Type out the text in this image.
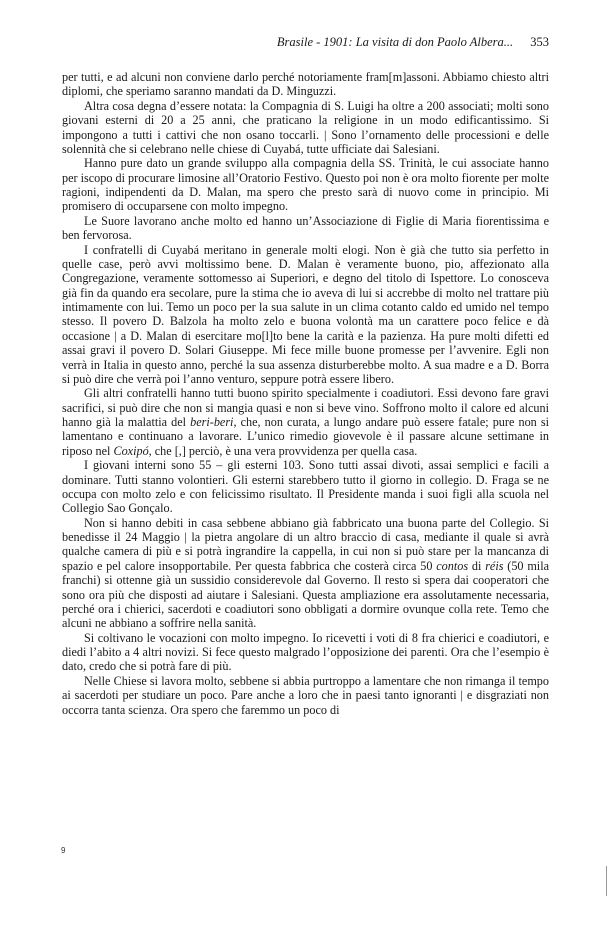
Brasile - 1901: La visita di don Paolo Albera... 353

per tutti, e ad alcuni non conviene darlo perché notoriamente fram[m]assoni. Abbiamo chiesto altri diplomi, che speriamo saranno mandati da D. Minguzzi.

Altra cosa degna d’essere notata: la Compagnia di S. Luigi ha oltre a 200 associati; molti sono giovani esterni di 20 a 25 anni, che praticano la religione in un modo edificantissimo. Si impongono a tutti i cattivi che non osano toccarli. | Sono l’ornamento delle processioni e delle solennità che si celebrano nelle chiese di Cuyabá, tutte ufficiate dai Salesiani.

Hanno pure dato un grande sviluppo alla compagnia della SS. Trinità, le cui associate hanno per iscopo di procurare limosine all’Oratorio Festivo. Questo poi non è ora molto fiorente per molte ragioni, indipendenti da D. Malan, ma spero che presto sarà di nuovo come in principio. Mi promisero di occuparsene con molto impegno.

Le Suore lavorano anche molto ed hanno un’Associazione di Figlie di Maria fiorentissima e ben fervorosa.

I confratelli di Cuyabá meritano in generale molti elogi. Non è già che tutto sia perfetto in quelle case, però avvi moltissimo bene. D. Malan è veramente buono, pio, affezionato alla Congregazione, veramente sottomesso ai Superiori, e degno del titolo di Ispettore. Lo conosceva già fin da quando era secolare, pure la stima che io aveva di lui si accrebbe di molto nel trattare più intimamente con lui. Temo un poco per la sua salute in un clima cotanto caldo ed umido nel tempo stesso. Il povero D. Balzola ha molto zelo e buona volontà ma un carattere poco felice e dà occasione | a D. Malan di esercitare mo[l]to bene la carità e la pazienza. Ha pure molti difetti ed assai gravi il povero D. Solari Giuseppe. Mi fece mille buone promesse per l’avvenire. Egli non verrà in Italia in questo anno, perché la sua assenza disturberebbe molto. A sua madre e a D. Borra si può dire che verrà poi l’anno venturo, seppure potrà essere libero.

Gli altri confratelli hanno tutti buono spirito specialmente i coadiutori. Essi devono fare gravi sacrifici, si può dire che non si mangia quasi e non si beve vino. Soffrono molto il calore ed alcuni hanno già la malattia del beri-beri, che, non curata, a lungo andare può essere fatale; pure non si lamentano e continuano a lavorare. L’unico rimedio giovevole è il passare alcune settimane in riposo nel Coxipó, che [,] perciò, è una vera provvidenza per quella casa.

I giovani interni sono 55 – gli esterni 103. Sono tutti assai divoti, assai semplici e facili a dominare. Tutti stanno volontieri. Gli esterni starebbero tutto il giorno in collegio. D. Fraga se ne occupa con molto zelo e con felicissimo risultato. Il Presidente manda i suoi figli alla scuola nel Collegio Sao Gonçalo.

Non si hanno debiti in casa sebbene abbiano già fabbricato una buona parte del Collegio. Si benedisse il 24 Maggio | la pietra angolare di un altro braccio di casa, mediante il quale si avrà qualche camera di più e si potrà ingrandire la cappella, in cui non si può stare per la mancanza di spazio e pel calore insopportabile. Per questa fabbrica che costerà circa 50 contos di réis (50 mila franchi) si ottenne già un sussidio considerevole dal Governo. Il resto si spera dai cooperatori che sono ora più che disposti ad aiutare i Salesiani. Questa ampliazione era assolutamente necessaria, perché ora i chierici, sacerdoti e coadiutori sono obbligati a dormire ovunque colla rete. Temo che alcuni ne abbiano a soffrire nella sanità.

Si coltivano le vocazioni con molto impegno. Io ricevetti i voti di 8 fra chierici e coadiutori, e diedi l’abito a 4 altri novizi. Si fece questo malgrado l’opposizione dei parenti. Ora che l’esempio è dato, credo che si potrà fare di più.

Nelle Chiese si lavora molto, sebbene si abbia purtroppo a lamentare che non rimanga il tempo ai sacerdoti per studiare un poco. Pare anche a loro che in paesi tanto ignoranti | e disgraziati non occorra tanta scienza. Ora spero che faremmo un poco di

9
